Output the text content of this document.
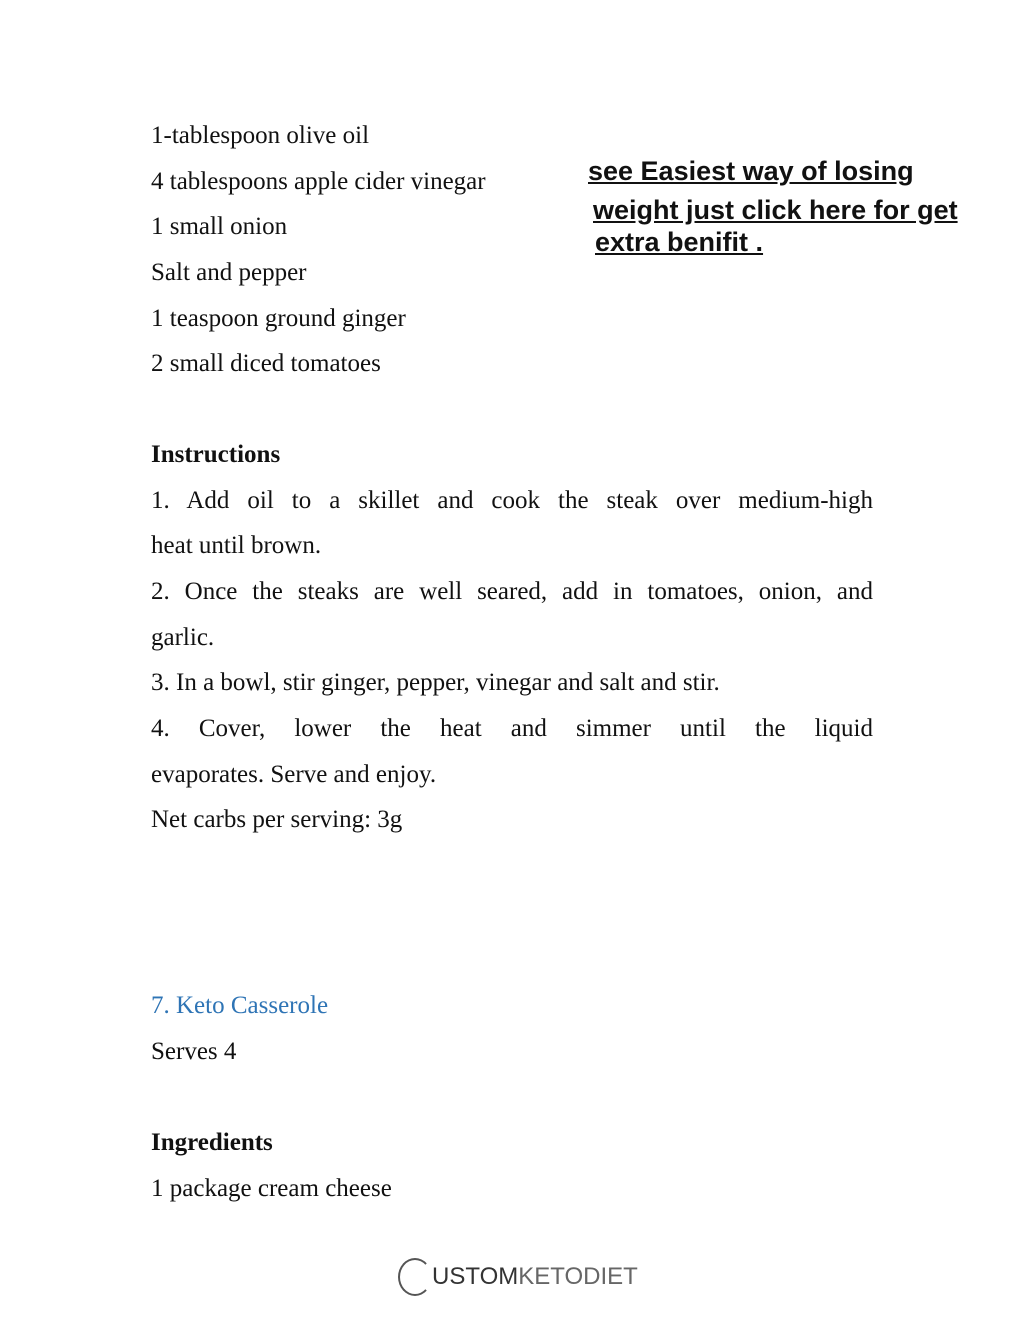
1-tablespoon olive oil
4 tablespoons apple cider vinegar
1 small onion
Salt and pepper
1 teaspoon ground ginger
2 small diced tomatoes
see Easiest way of losing
weight just click here for get
extra benifit .
Instructions
1. Add oil to a skillet and cook the steak over medium-high
heat until brown.
2. Once the steaks are well seared, add in tomatoes, onion, and
garlic.
3. In a bowl, stir ginger, pepper, vinegar and salt and stir.
4. Cover, lower the heat and simmer until the liquid
evaporates. Serve and enjoy.
Net carbs per serving: 3g
7. Keto Casserole
Serves 4
Ingredients
1 package cream cheese
USTOM KETODIET
